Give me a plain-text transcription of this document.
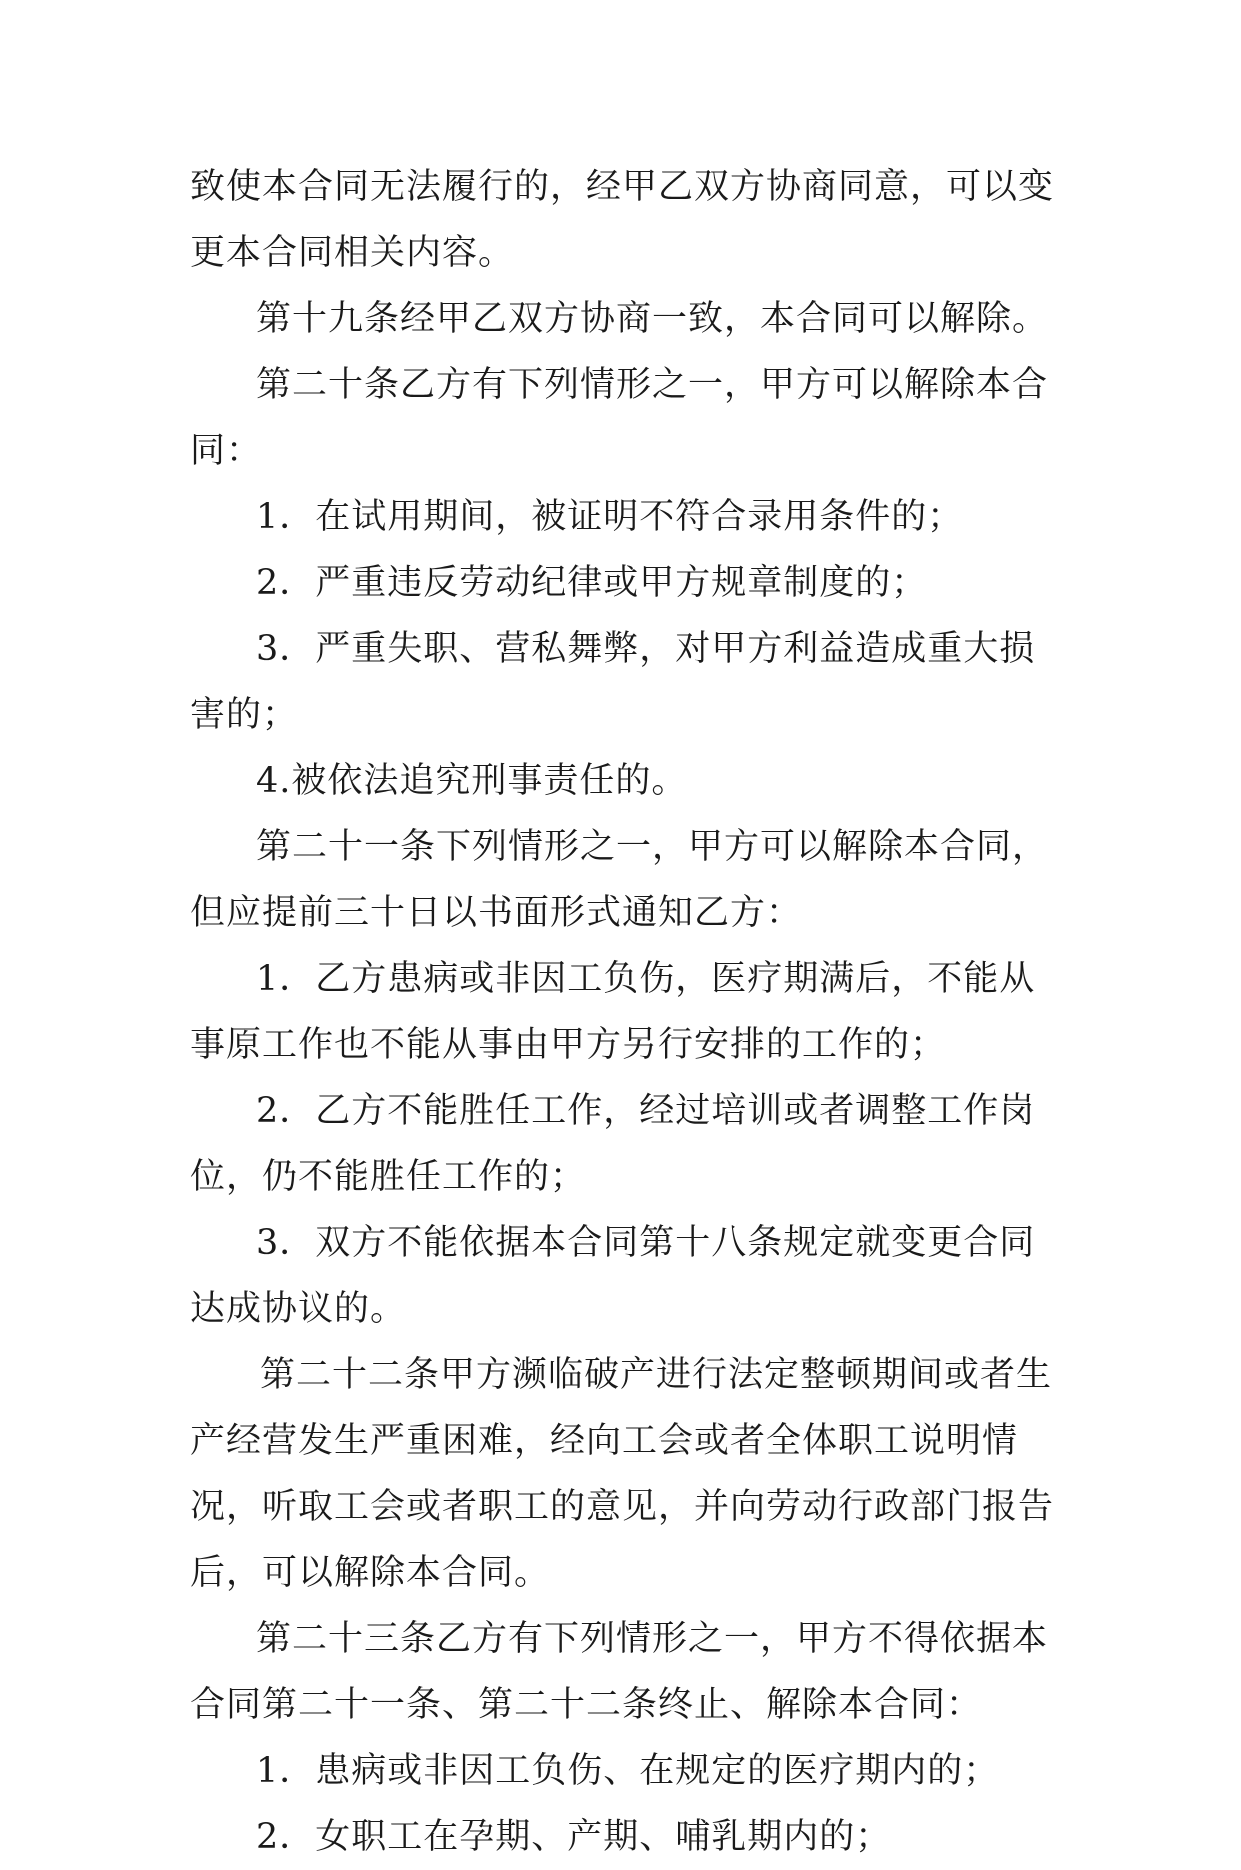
致使本合同无法履行的，经甲乙双方协商同意，可以变更本合同相关内容。

第十九条经甲乙双方协商一致，本合同可以解除。

第二十条乙方有下列情形之一，甲方可以解除本合同：

1．在试用期间，被证明不符合录用条件的；

2．严重违反劳动纪律或甲方规章制度的；

3．严重失职、营私舞弊，对甲方利益造成重大损害的；

4.被依法追究刑事责任的。

第二十一条下列情形之一，甲方可以解除本合同，但应提前三十日以书面形式通知乙方：

1．乙方患病或非因工负伤，医疗期满后，不能从事原工作也不能从事由甲方另行安排的工作的；

2．乙方不能胜任工作，经过培训或者调整工作岗位，仍不能胜任工作的；

3．双方不能依据本合同第十八条规定就变更合同达成协议的。

第二十二条甲方濒临破产进行法定整顿期间或者生产经营发生严重困难，经向工会或者全体职工说明情况，听取工会或者职工的意见，并向劳动行政部门报告后，可以解除本合同。

第二十三条乙方有下列情形之一，甲方不得依据本合同第二十一条、第二十二条终止、解除本合同：

1．患病或非因工负伤、在规定的医疗期内的；

2．女职工在孕期、产期、哺乳期内的；
